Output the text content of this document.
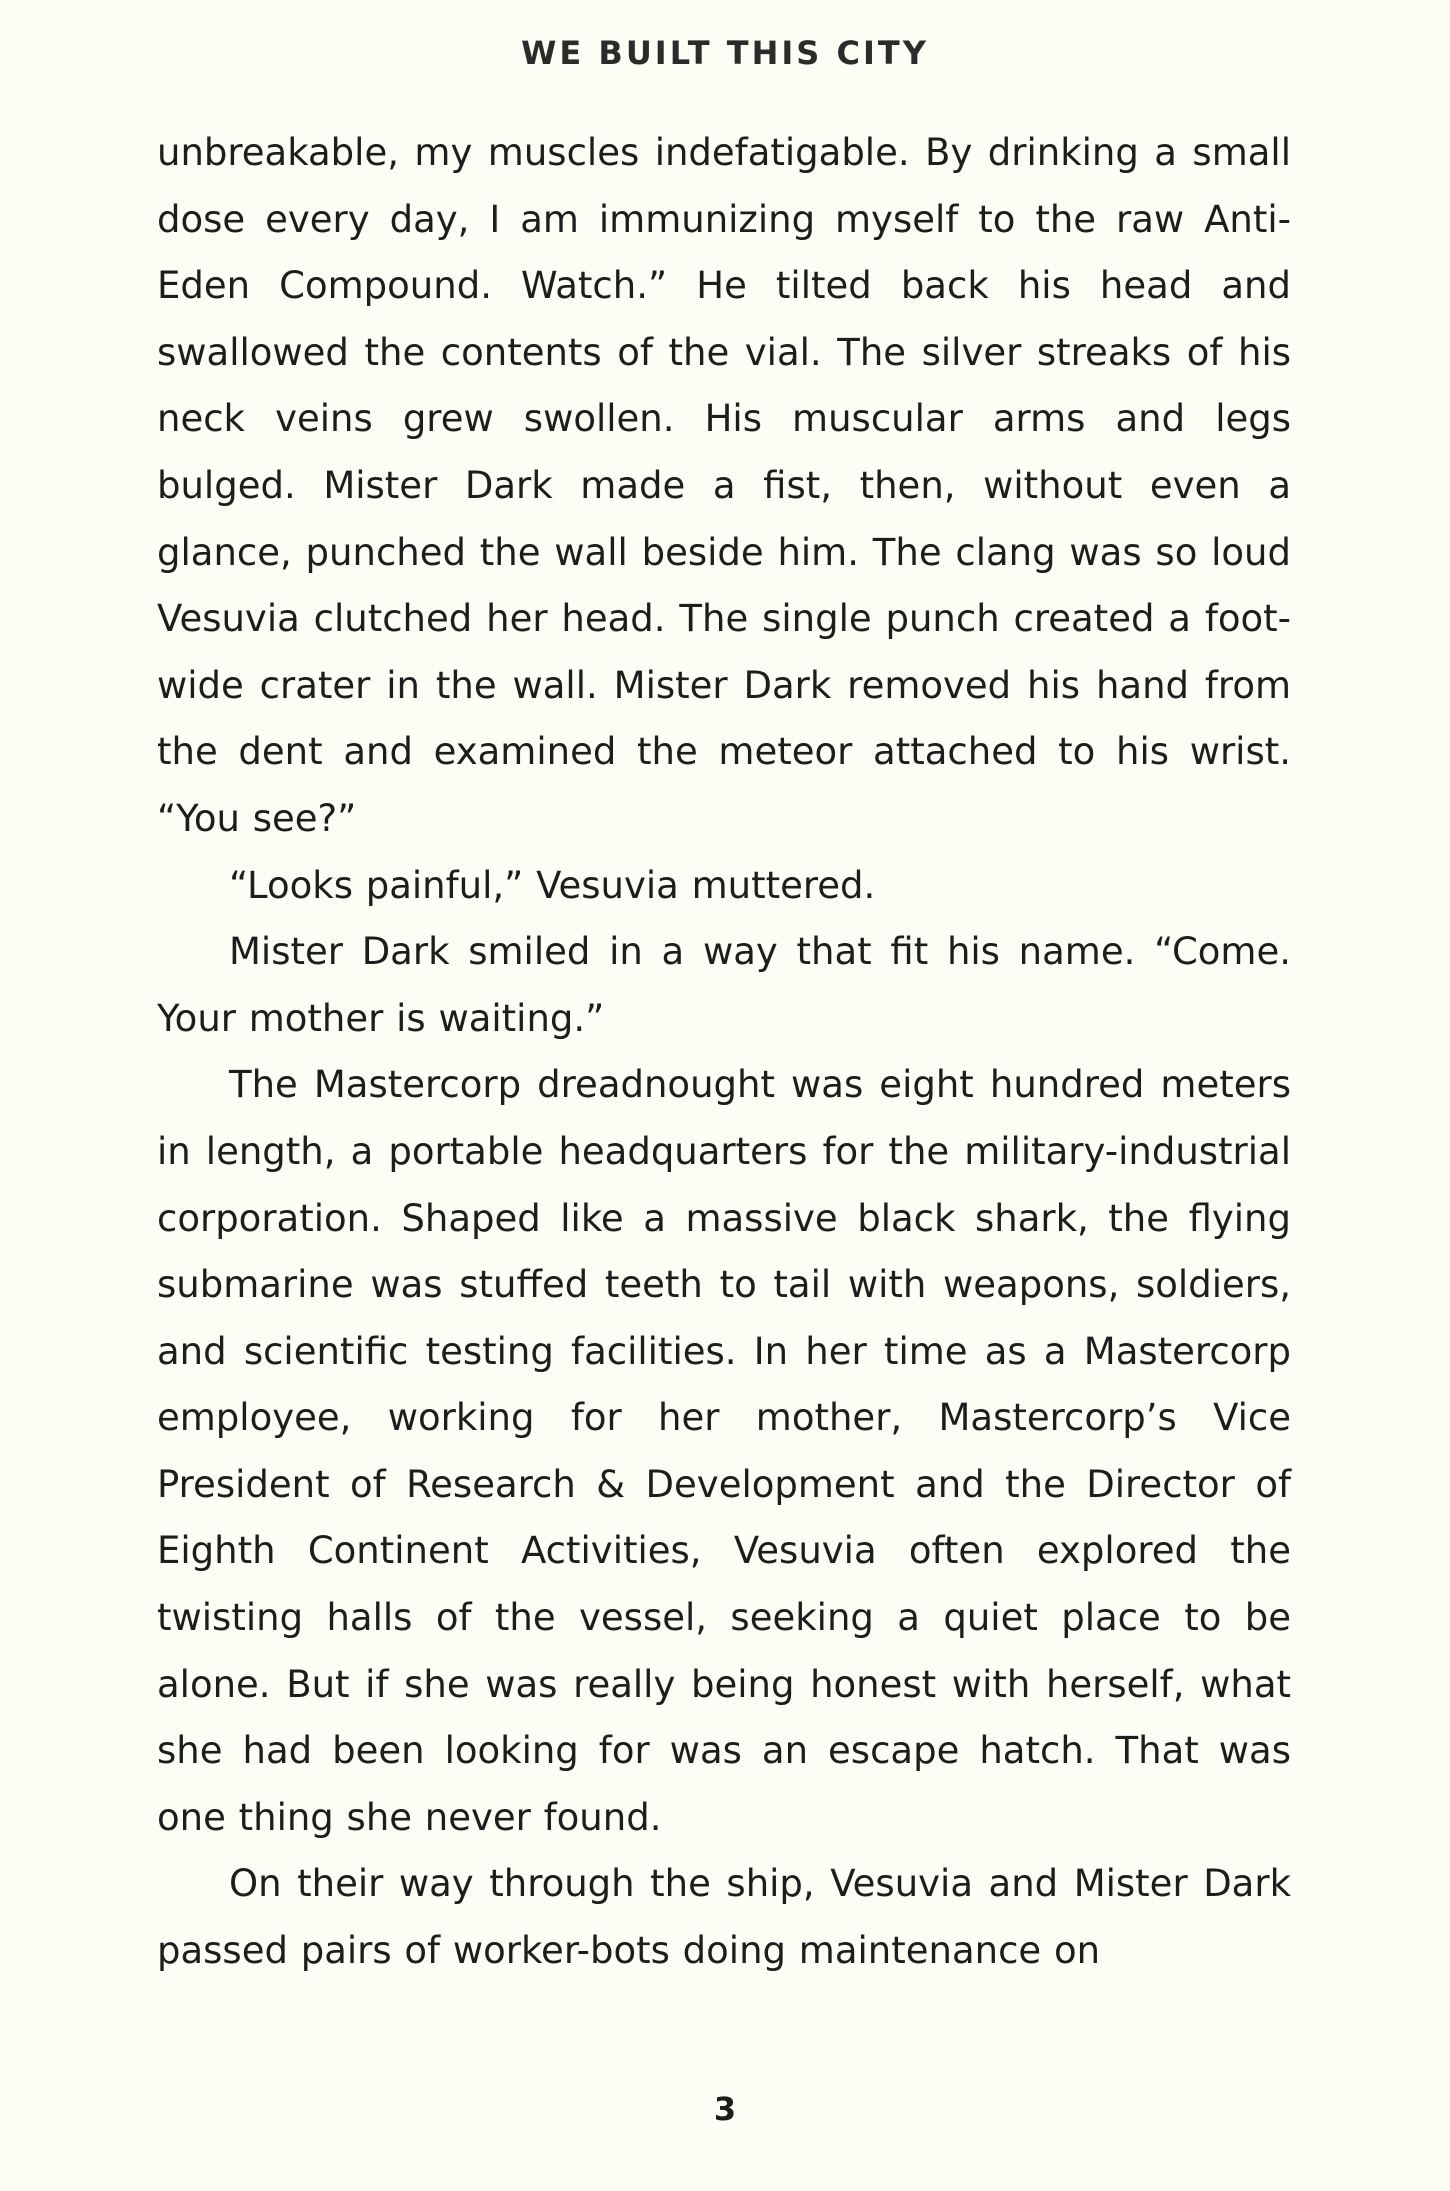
WE BUILT THIS CITY

unbreakable, my muscles indefatigable. By drinking a small dose every day, I am immunizing myself to the raw Anti-Eden Compound. Watch.” He tilted back his head and swallowed the contents of the vial. The silver streaks of his neck veins grew swollen. His muscular arms and legs bulged. Mister Dark made a fist, then, without even a glance, punched the wall beside him. The clang was so loud Vesuvia clutched her head. The single punch created a foot-wide crater in the wall. Mister Dark removed his hand from the dent and examined the meteor attached to his wrist. “You see?”

“Looks painful,” Vesuvia muttered.

Mister Dark smiled in a way that fit his name. “Come. Your mother is waiting.”

The Mastercorp dreadnought was eight hundred meters in length, a portable headquarters for the military-industrial corporation. Shaped like a massive black shark, the flying submarine was stuffed teeth to tail with weapons, soldiers, and scientific testing facilities. In her time as a Mastercorp employee, working for her mother, Mastercorp’s Vice President of Research & Development and the Director of Eighth Continent Activities, Vesuvia often explored the twisting halls of the vessel, seeking a quiet place to be alone. But if she was really being honest with herself, what she had been looking for was an escape hatch. That was one thing she never found.

On their way through the ship, Vesuvia and Mister Dark passed pairs of worker-bots doing maintenance on

3
